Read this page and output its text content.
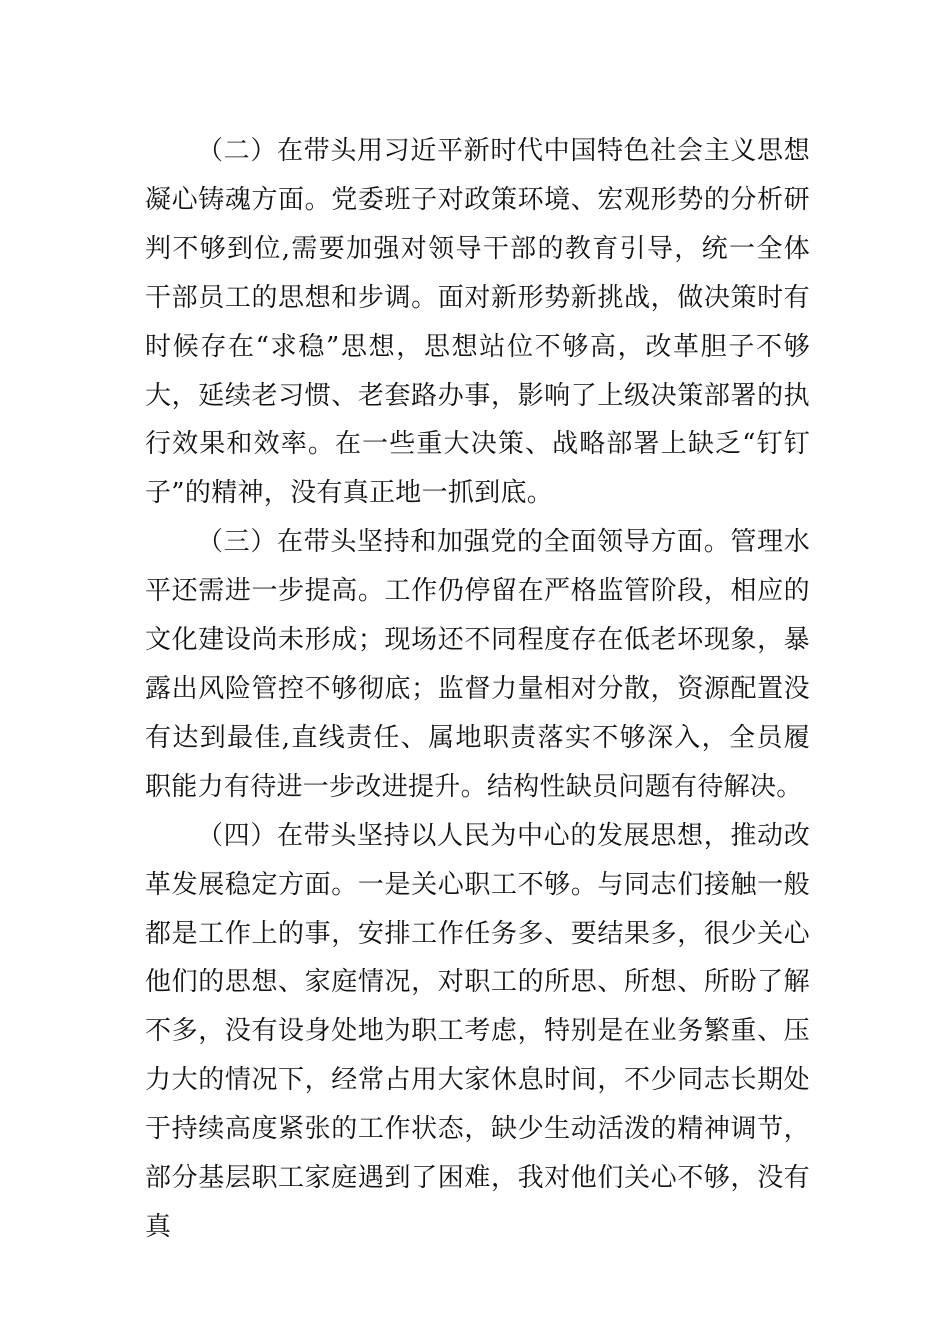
（二）在带头用习近平新时代中国特色社会主义思想凝心铸魂方面。党委班子对政策环境、宏观形势的分析研判不够到位,需要加强对领导干部的教育引导，统一全体干部员工的思想和步调。面对新形势新挑战，做决策时有时候存在“求稳”思想，思想站位不够高，改革胆子不够大，延续老习惯、老套路办事，影响了上级决策部署的执行效果和效率。在一些重大决策、战略部署上缺乏“钉钉子”的精神，没有真正地一抓到底。

（三）在带头坚持和加强党的全面领导方面。管理水平还需进一步提高。工作仍停留在严格监管阶段，相应的文化建设尚未形成；现场还不同程度存在低老坏现象，暴露出风险管控不够彻底；监督力量相对分散，资源配置没有达到最佳,直线责任、属地职责落实不够深入，全员履职能力有待进一步改进提升。结构性缺员问题有待解决。

（四）在带头坚持以人民为中心的发展思想，推动改革发展稳定方面。一是关心职工不够。与同志们接触一般都是工作上的事，安排工作任务多、要结果多，很少关心他们的思想、家庭情况，对职工的所思、所想、所盼了解不多，没有设身处地为职工考虑，特别是在业务繁重、压力大的情况下，经常占用大家休息时间，不少同志长期处于持续高度紧张的工作状态，缺少生动活泼的精神调节，部分基层职工家庭遇到了困难，我对他们关心不够，没有真
